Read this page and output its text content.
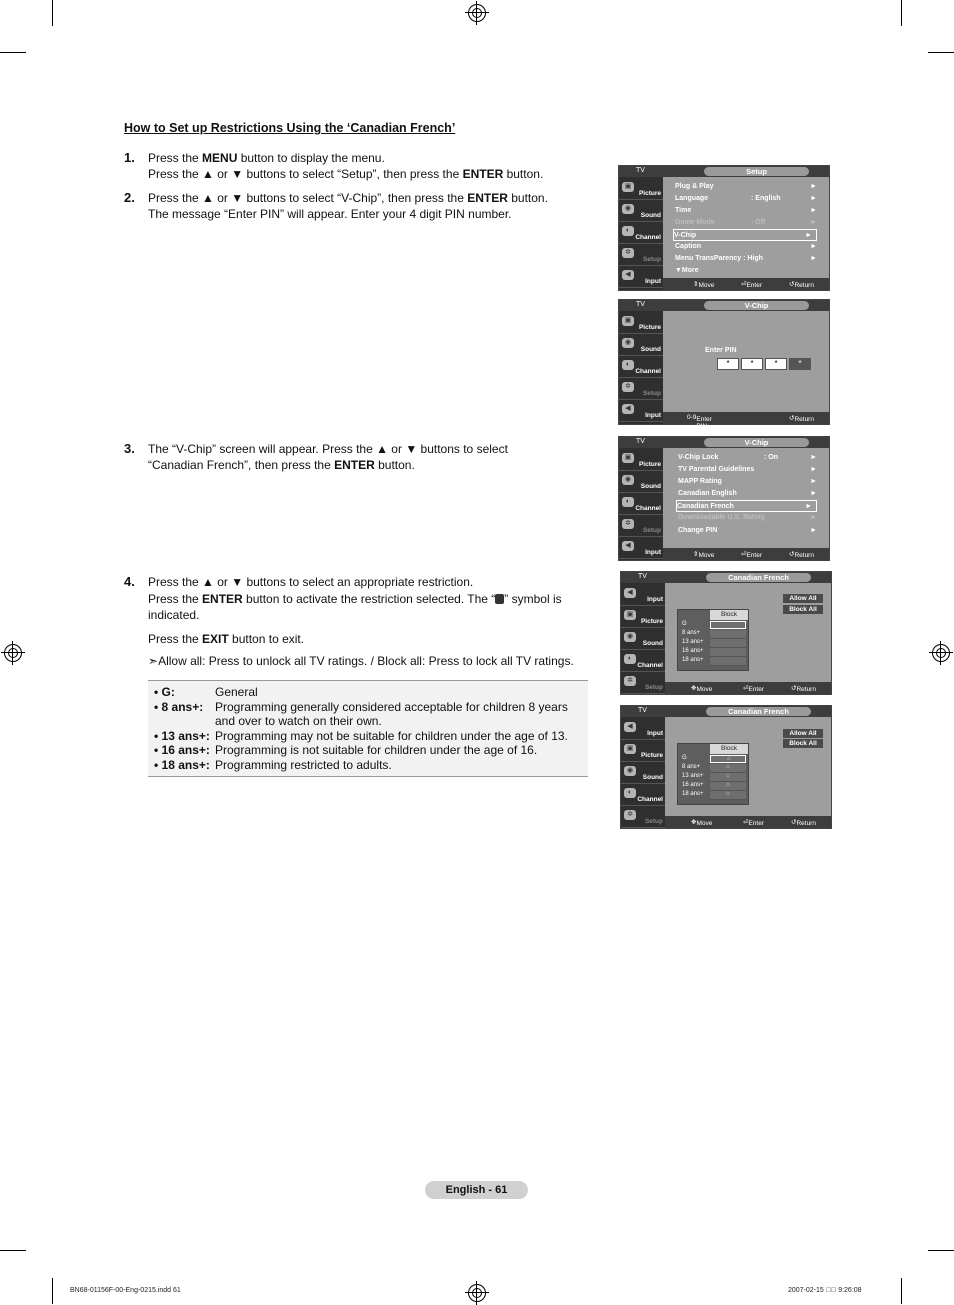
How to Set up Restrictions Using the ‘Canadian French’
1. Press the MENU button to display the menu.
Press the ▲ or ▼ buttons to select “Setup”, then press the ENTER button.
2. Press the ▲ or ▼ buttons to select “V-Chip”, then press the ENTER button.
The message “Enter PIN” will appear. Enter your 4 digit PIN number.
3. The “V-Chip” screen will appear. Press the ▲ or ▼ buttons to select
“Canadian French”, then press the ENTER button.
4. Press the ▲ or ▼ buttons to select an appropriate restriction.
Press the ENTER button to activate the restriction selected. The “ ” symbol is
indicated.
Press the EXIT button to exit.
➣Allow all: Press to unlock all TV ratings. / Block all: Press to lock all TV ratings.
• G:	General
• 8 ans+: Programming generally considered acceptable for children 8 years and over to watch on their own.
• 13 ans+: Programming may not be suitable for children under the age of 13.
• 16 ans+: Programming is not suitable for children under the age of 16.
• 18 ans+: Programming restricted to adults.
TV	Setup
▣
Picture
◉
Sound
◐
Channel
✲
Setup
◀
Input
Plug & Play	►
Language	: English	►
Time	►
Game Mode	: Off	►
V-Chip	►
Caption	►
Menu TransParency : High	►
▼More
⇕ Move	⏎ Enter	↺ Return
TV	V-Chip
▣
Picture
◉
Sound
◐
Channel
✲
Setup
◀
Input
Enter PIN
*	*	*	*
0-9 Enter PIN
↺ Return
TV	V-Chip
▣
Picture
◉
Sound
◐
Channel
✲
Setup
◀
Input
V-Chip Lock	: On	►
TV Parental Guidelines	►
MAPP Rating	►
Canadian English	►
Canadian French	►
Downloadable U.S. Rating	►
Change PIN	►
⇕ Move	⏎ Enter	↺ Return
TV	Canadian French
◀
Input
▣
Picture
◉
Sound
◐
Channel
✲
Setup
Allow All
Block All
Block
G
8 ans+
13 ans+
16 ans+
18 ans+
✥ Move	⏎ Enter	↺ Return
TV	Canadian French
◀
Input
▣
Picture
◉
Sound
◐
Channel
✲
Setup
Allow All
Block All
Block
G	⌂
8 ans+	⌂
13 ans+	⌂
16 ans+	⌂
18 ans+	⌂
✥ Move	⏎ Enter	↺ Return
English - 61
BN68-01156F-00-Eng-0215.indd 61	2007-02-15 ￿￿ 9:26:08
